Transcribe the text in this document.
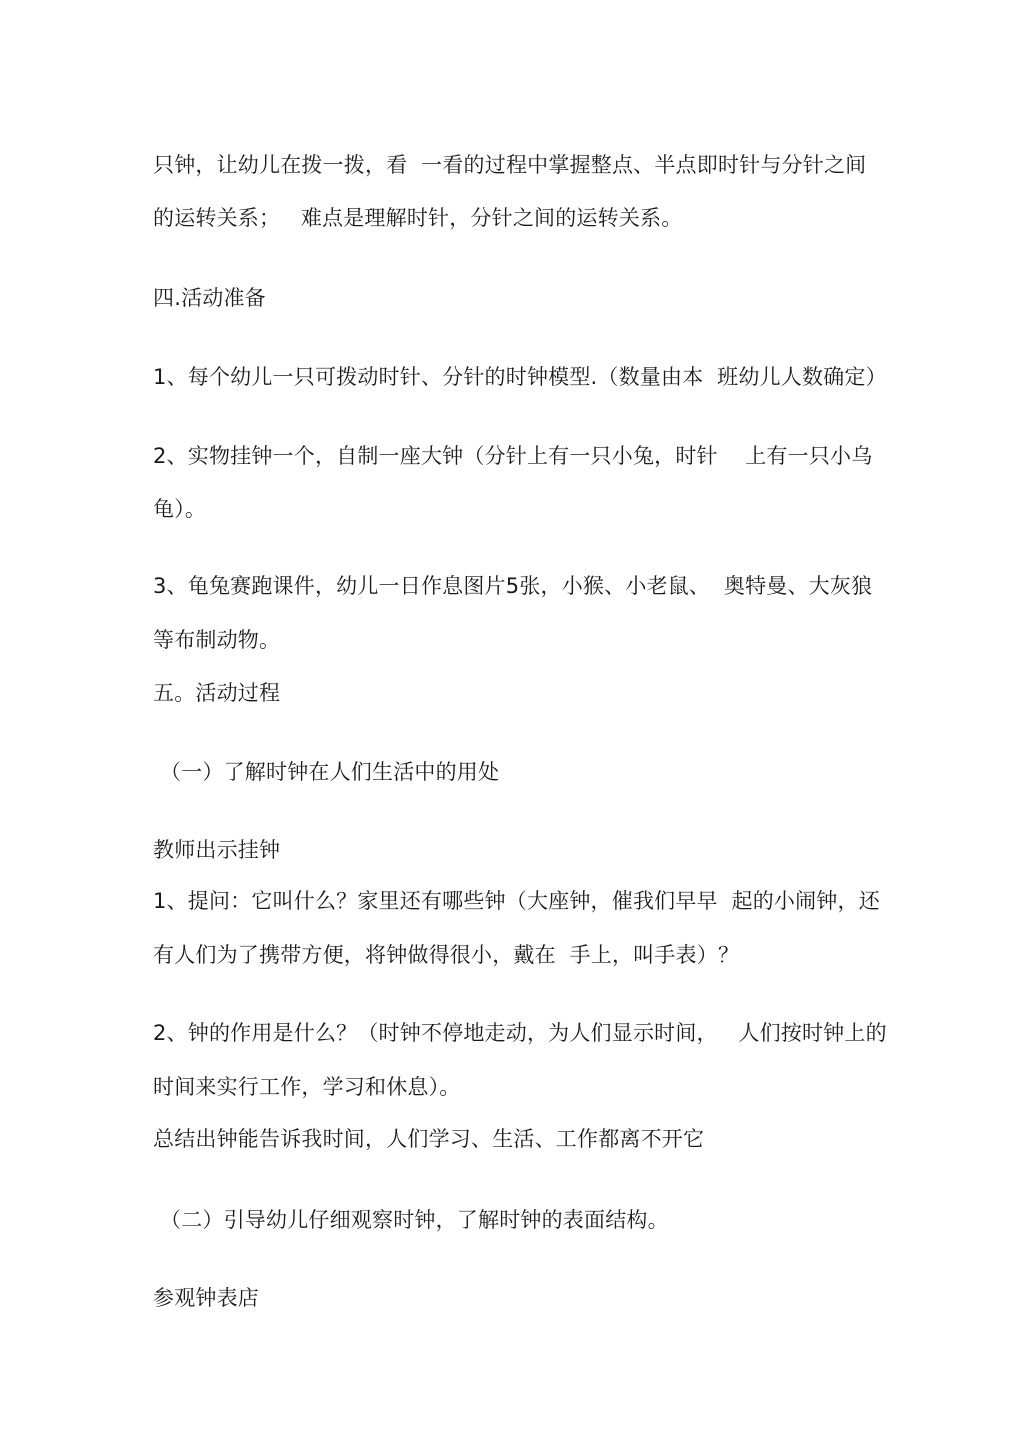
只钟，让幼儿在拨一拨，看  一看的过程中掌握整点、半点即时针与分针之间
的运转关系；   难点是理解时针，分针之间的运转关系。
四.活动准备
1、每个幼儿一只可拨动时针、分针的时钟模型.（数量由本  班幼儿人数确定）
2、实物挂钟一个，自制一座大钟（分针上有一只小兔，时针    上有一只小乌
龟）。
3、龟兔赛跑课件，幼儿一日作息图片5张，小猴、小老鼠、  奥特曼、大灰狼
等布制动物。
五。活动过程
（一）了解时钟在人们生活中的用处
教师出示挂钟
1、提问：它叫什么？家里还有哪些钟（大座钟，催我们早早  起的小闹钟，还
有人们为了携带方便，将钟做得很小，戴在  手上，叫手表）？
2、钟的作用是什么？（时钟不停地走动，为人们显示时间，   人们按时钟上的
时间来实行工作，学习和休息）。
总结出钟能告诉我时间，人们学习、生活、工作都离不开它
（二）引导幼儿仔细观察时钟，了解时钟的表面结构。
参观钟表店
